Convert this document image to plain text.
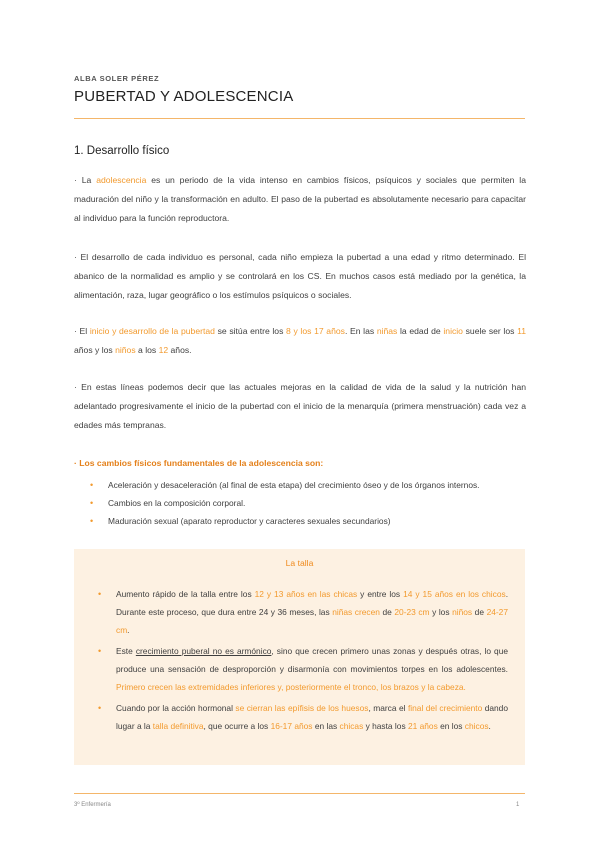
ALBA SOLER PÉREZ
PUBERTAD Y ADOLESCENCIA
1. Desarrollo físico

· La adolescencia es un periodo de la vida intenso en cambios físicos, psíquicos y sociales que permiten la maduración del niño y la transformación en adulto. El paso de la pubertad es absolutamente necesario para capacitar al individuo para la función reproductora.

· El desarrollo de cada individuo es personal, cada niño empieza la pubertad a una edad y ritmo determinado. El abanico de la normalidad es amplio y se controlará en los CS. En muchos casos está mediado por la genética, la alimentación, raza, lugar geográfico o los estímulos psíquicos o sociales.

· El inicio y desarrollo de la pubertad se sitúa entre los 8 y los 17 años. En las niñas la edad de inicio suele ser los 11 años y los niños a los 12 años.

· En estas líneas podemos decir que las actuales mejoras en la calidad de vida de la salud y la nutrición han adelantado progresivamente el inicio de la pubertad con el inicio de la menarquía (primera menstruación) cada vez a edades más tempranas.

· Los cambios físicos fundamentales de la adolescencia son:
• Aceleración y desaceleración (al final de esta etapa) del crecimiento óseo y de los órganos internos.
• Cambios en la composición corporal.
• Maduración sexual (aparato reproductor y caracteres sexuales secundarios)
La talla
• Aumento rápido de la talla entre los 12 y 13 años en las chicas y entre los 14 y 15 años en los chicos. Durante este proceso, que dura entre 24 y 36 meses, las niñas crecen de 20-23 cm y los niños de 24-27 cm.
• Este crecimiento puberal no es armónico, sino que crecen primero unas zonas y después otras, lo que produce una sensación de desproporción y disarmonía con movimientos torpes en los adolescentes. Primero crecen las extremidades inferiores y, posteriormente el tronco, los brazos y la cabeza.
• Cuando por la acción hormonal se cierran las epífisis de los huesos, marca el final del crecimiento dando lugar a la talla definitiva, que ocurre a los 16-17 años en las chicas y hasta los 21 años en los chicos.
3º Enfermería	1
